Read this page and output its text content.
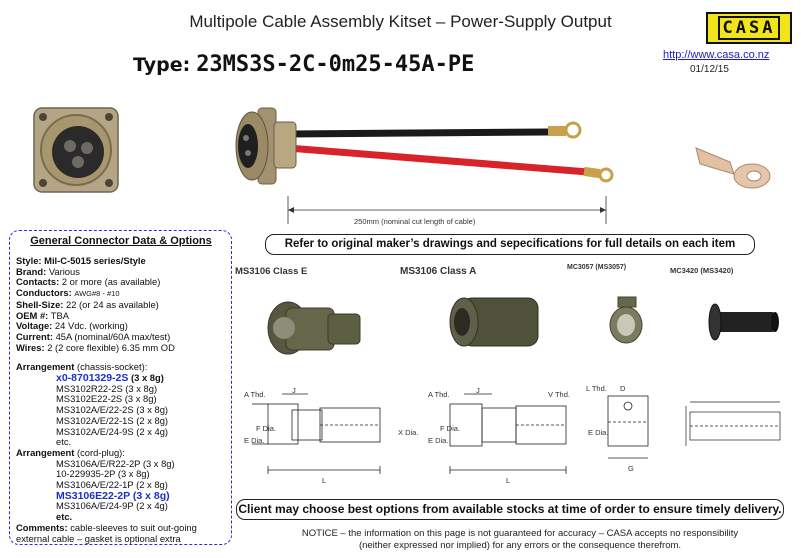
Multipole Cable Assembly Kitset – Power-Supply Output
Type: 23MS3S-2C-0m25-45A-PE
CASA
http://www.casa.co.nz
01/12/15
250mm (nominal cut length of cable)
Refer to original maker’s drawings and sepecifications for full details on each item
Client may choose best options from available stocks at time of order to ensure timely delivery.
MS3106 Class E	MS3106 Class A	MC3057 (MS3057)	MC3420 (MS3420)
A Thd.	J
F Dia.
E Dia.
X Dia.
L
A Thd.	J	V Thd.
F Dia.
E Dia.
L
L Thd. D
E Dia.
G
General Connector Data & Options
Style: Mil-C-5015 series/Style
Brand: Various
Contacts: 2 or more (as available)
Conductors: AWG#8 - #10
Shell-Size: 22 (or 24 as available)
OEM #: TBA
Voltage: 24 Vdc. (working)
Current: 45A (nominal/60A max/test)
Wires: 2 (2 core flexible) 6.35 mm OD
Arrangement (chassis-socket):
x0-8701329-2S (3 x 8g)
MS3102R22-2S (3 x 8g)
MS3102E22-2S (3 x 8g)
MS3102A/E/22-2S (3 x 8g)
MS3102A/E/22-1S (2 x 8g)
MS3102A/E/24-9S (2 x 4g)
etc.
Arrangement (cord-plug):
MS3106A/E/R22-2P (3 x 8g)
10-229935-2P (3 x 8g)
MS3106A/E/22-1P (2 x 8g)
MS3106E22-2P (3 x 8g)
MS3106A/E/24-9P (2 x 4g)
etc.
Comments: cable-sleeves to suit out-going external cable – gasket is optional extra	NOTICE – the information on this page is not guaranteed for accuracy – CASA accepts no responsibility
(neither expressed nor implied) for any errors or the consequence therefrom.
